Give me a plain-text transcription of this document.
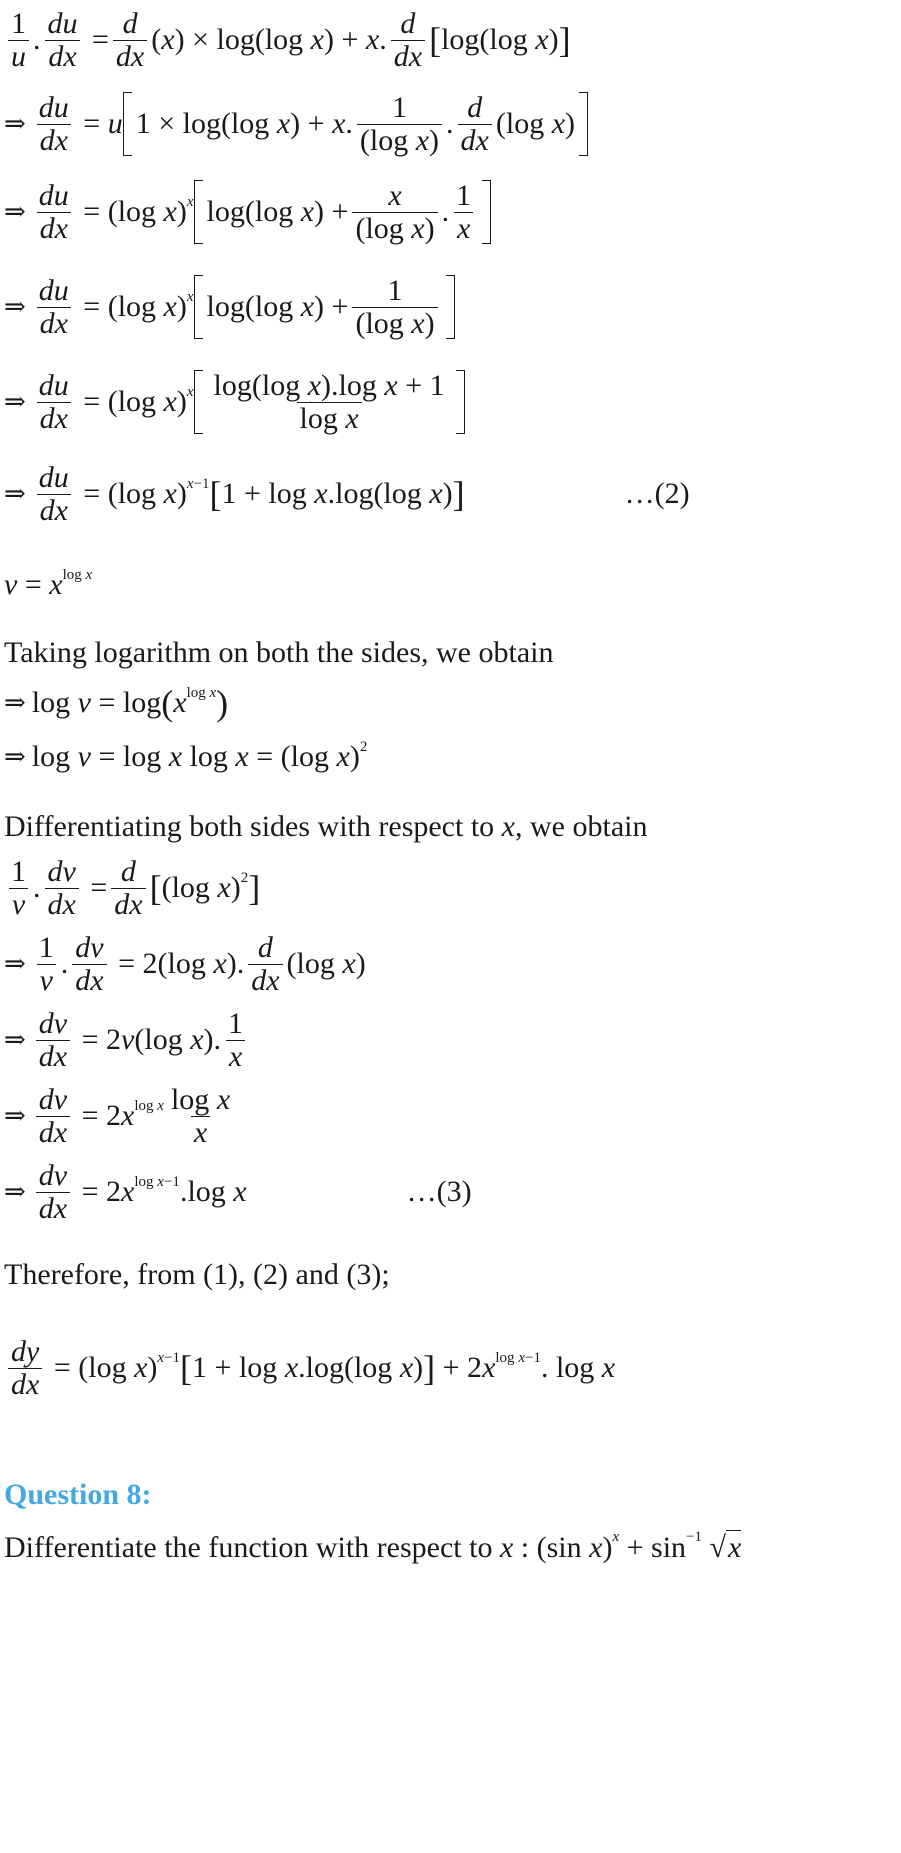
$\frac{1}{u}$ . $\frac{du}{dx} = \frac{d}{dx}$ ( x ) × log(log x ) + x . $\frac{d}{dx}$ [ log(log x ) ]
⇒ $\frac{du}{dx} = u$ 1 × log(log x ) + x . $\frac{1}{\text{(log x)}}$ . $\frac{d}{dx} (\log$ x )
⇒ $\frac{du}{dx} = (\log$ x ) $^x$ log(log x ) + $\frac{x}{\text{(log x)}}$ . $\frac{1}{x}$
⇒ $\frac{du}{dx} = (\log$ x ) $^x$ log(log x ) + $\frac{1}{\text{(log x)}}$
⇒ $\frac{du}{dx} = (\log$ x ) $^x \frac{\text{log(log x).log x + 1}}{\text{log x}}$
⇒ $\frac{du}{dx} = (\log$ x ) $^{x-1}$ [ 1 + log x .log(log x ) ]	…(2)
$v = x^{log x}$
Taking logarithm on both the sides, we obtain
⇒ log v = log ( $x^{log x}$ )
⇒ log v = log x log x = (log x )$^2$
Differentiating both sides with respect to x, we obtain
$\frac{1}{v}$ . $\frac{dv}{dx} = \frac{d}{dx}$ [ (log x )$^2$ ]
⇒ $\frac{1}{v}$ . $\frac{dv}{dx} = 2(\log$ x ). $\frac{d}{dx} (\log$ x )
⇒ $\frac{dv}{dx} = 2$ v (log x ). $\frac{1}{x}$
⇒ $\frac{dv}{dx} = 2$ $x^{log x} \frac{\text{log x}}{x}$
⇒ $\frac{dv}{dx} = 2$ $x^{log x-1}$ .log x	…(3)
Therefore, from (1), (2) and (3);
$\frac{dy}{dx} = (\log$ x ) $^{x-1}$ [ 1 + log x .log(log x ) ] + 2 $x^{log x-1}$ . log x
Question 8:
Differentiate the function with respect to
x
:
(sin x ) $^x + \sin^{-1}$ √ x
